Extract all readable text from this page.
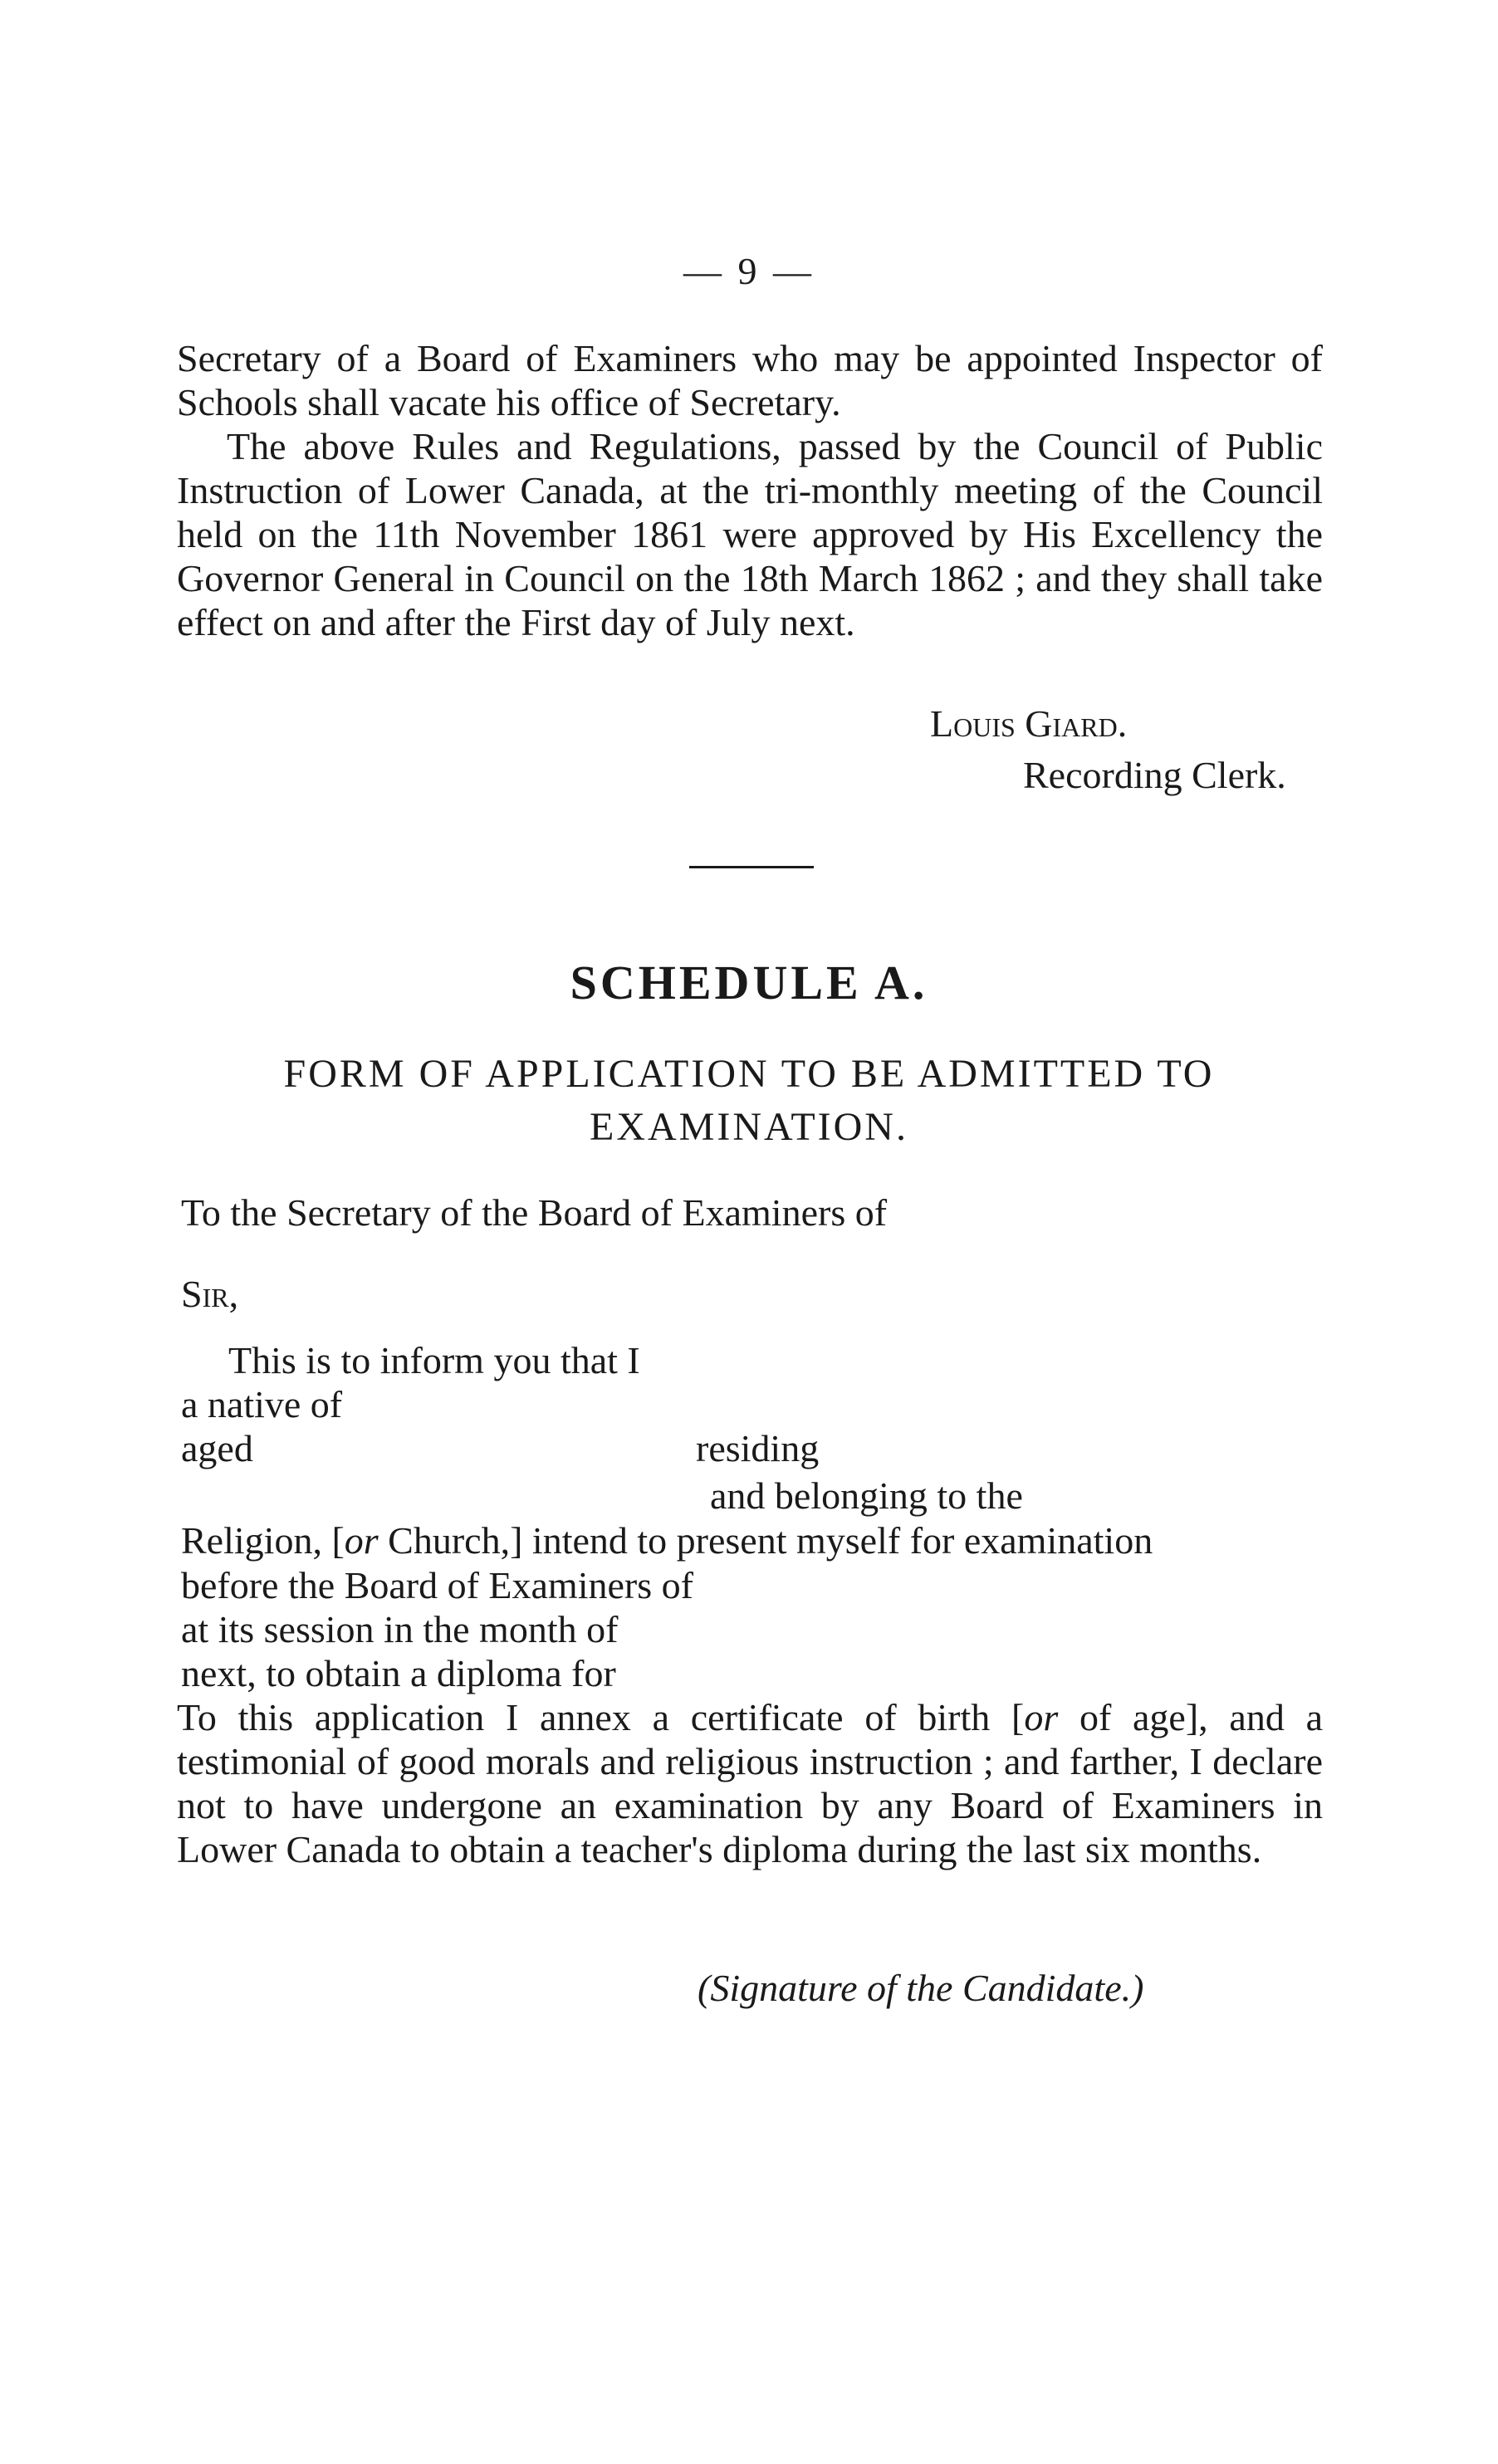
— 9 —

Secretary of a Board of Examiners who may be appointed Inspector of Schools shall vacate his office of Secretary.

The above Rules and Regulations, passed by the Council of Public Instruction of Lower Canada, at the tri-monthly meeting of the Council held on the 11th November 1861 were approved by His Excellency the Governor General in Council on the 18th March 1862 ; and they shall take effect on and after the First day of July next.

Louis Giard.
Recording Clerk.
SCHEDULE A.
FORM OF APPLICATION TO BE ADMITTED TO EXAMINATION.
To the Secretary of the Board of Examiners of
Sir,
This is to inform you that I
a native of
aged	residing
and belonging to the
Religion, [or Church,] intend to present myself for examination
before the Board of Examiners of
at its session in the month of
next, to obtain a diploma for

To this application I annex a certificate of birth [or of age], and a testimonial of good morals and religious instruction ; and farther, I declare not to have undergone an examination by any Board of Examiners in Lower Canada to obtain a teacher's diploma during the last six months.

(Signature of the Candidate.)
